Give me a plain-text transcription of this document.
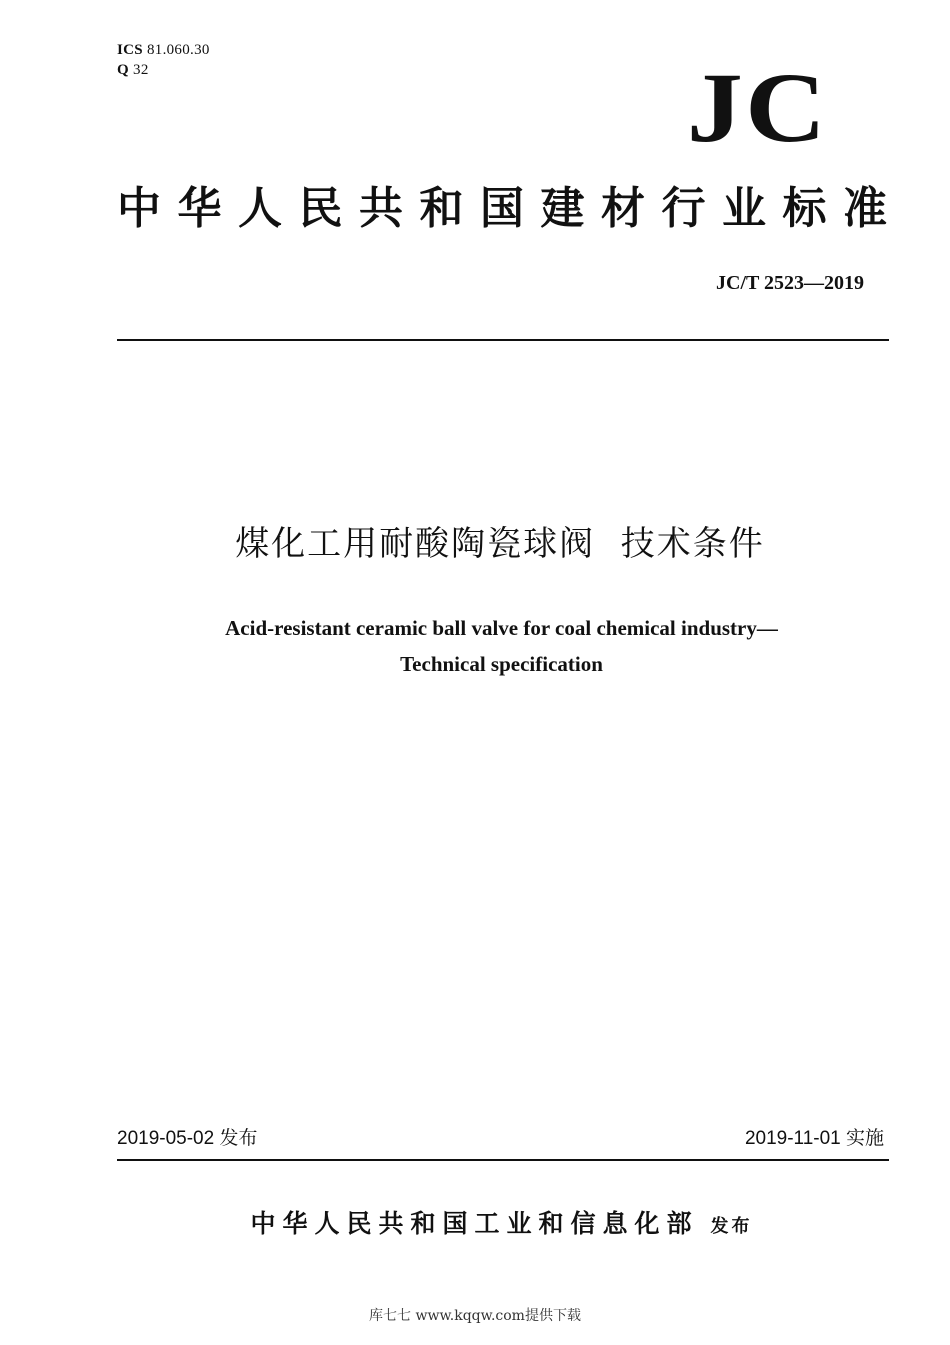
ICS 81.060.30
Q 32	JC
中华人民共和国建材行业标准
JC/T 2523—2019
煤化工用耐酸陶瓷球阀  技术条件
Acid-resistant ceramic ball valve for coal chemical industry—
Technical specification
2019-05-02 发布	2019-11-01 实施
中华人民共和国工业和信息化部 发布
库七七 www.kqqw.com提供下载
